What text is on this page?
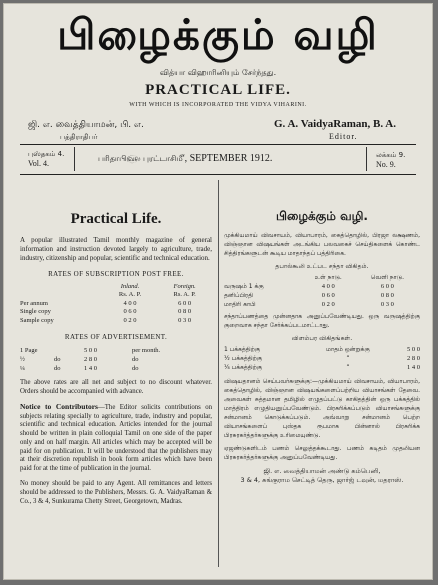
பிழைக்கும் வழி
வித்யா விஹாரினியும் சேர்ந்தது.
PRACTICAL LIFE.
WITH WHICH IS INCORPORATED THE VIDYA VIHARINI.
ஜி. எ. வைத்தியாமன், பி. எ.
பத்திராதிபர்
G. A. VaidyaRaman, B. A.
Editor.
புஸ்தகம் 4.
Vol. 4.
பரிதாபி௵ புரட்டாசி௴, SEPTEMBER 1912.	லக்கம் 9.
No. 9.
Practical Life.

A popular illustrated Tamil monthly magazine of general information and instruction devoted largely to agriculture, trade, industry, citizenship and popular, scientific and technical education.

RATES OF SUBSCRIPTION POST FREE.
	Inland.	Foreign.
	Rs. A. P.	Rs. A. P.
Per annum	4 0 0	6 0 0
Single copy	0 6 0	0 8 0
Sample copy	0 2 0	0 3 0
RATES OF ADVERTISEMENT.
1 Page		5 0 0	per month.
½	do	2 8 0	do
¼	do	1 4 0	do

The above rates are all net and subject to no discount whatever. Orders should be accompanied with advance.

Notice to Contributors—The Editor solicits contributions on subjects relating specially to agriculture, trade, industry and popular, scientific and technical education. Articles intended for the journal should be written in plain colloquial Tamil on one side of the paper only and on half margin. All articles which may be accepted will be paid for on publication. It will be understood that the publishers may at their discretion republish in book form articles which have been paid for at the time of publication in the journal.

No money should be paid to any Agent. All remittances and letters should be addressed to the Publishers, Messrs. G. A. VaidyaRaman & Co., 3 & 4, Sunkurama Chetty Street, Georgetown, Madras.

பிழைக்கும் வழி.

முக்கியமாய் விவசாயம், வியாபாரம், கைத்தொழில், பிரஜா லக்ஷணம், விஞ்ஞான விஷயங்கள் அடங்கிய பலவகைச் செய்திகளைக் கொண்ட சித்திரங்களுடன் கூடிய மாதாந்தப் பத்திரிகை.

தபால்கூலி உட்பட சந்தா விகிதம்.
	உள் நாடு.	வெளி நாடு.
வருஷம் 1 க்கு	4 0 0	6 0 0
தனிப்பிரதி	0 6 0	0 8 0
மாதிரி காபி	0 2 0	0 3 0

சந்தாப்பணத்தை முன்னதாக அனுப்பவேண்டியது. ஒரு வருஷத்திற்கு குறைவாக சந்தா சேர்க்கப்படமாட்டாது.

விளம்பர விகிதங்கள்.
1 பக்கத்திற்கு	மாதம் ஒன்றுக்கு	5 0 0
½ பக்கத்திற்கு	”	2 8 0
¼ பக்கத்திற்கு	”	1 4 0

விஷயதானம் செய்பவர்களுக்கு:—முக்கியமாய் விவசாயம், வியாபாரம், கைத்தொழில், விஞ்ஞான விஷயங்களைப்பற்றிய வியாசங்கள் தேவை. அவைகள் சுத்தமான தமிழில் எழுதப்பட்டு காகிதத்தின் ஒரு பக்கத்தில் மாத்திரம் எழுதியனுப்பவேண்டும். பிரசுரிக்கப்படும் வியாசங்களுக்கு சன்மானம் கொடுக்கப்படும். அவ்வாறு சன்மானம் பெற்ற வியாசங்களைப் புஸ்தக ரூபமாக பின்னால் பிரசுரிக்க பிரசுரகர்த்தர்களுக்கு உரிமையுண்டு.

ஏஜண்டுகளிடம் பணம் செலுத்தக்கூடாது. பணம் கடிதம் முதலியன பிரசுரகர்த்தர்களுக்கு அனுப்பவேண்டியது.

ஜி. எ. வைத்தியாமன் அண்டு கம்பெனி,
3 & 4, சுங்குராம செட்டித் தெரு, ஜார்ஜ் டவுன், மதராஸ்.
